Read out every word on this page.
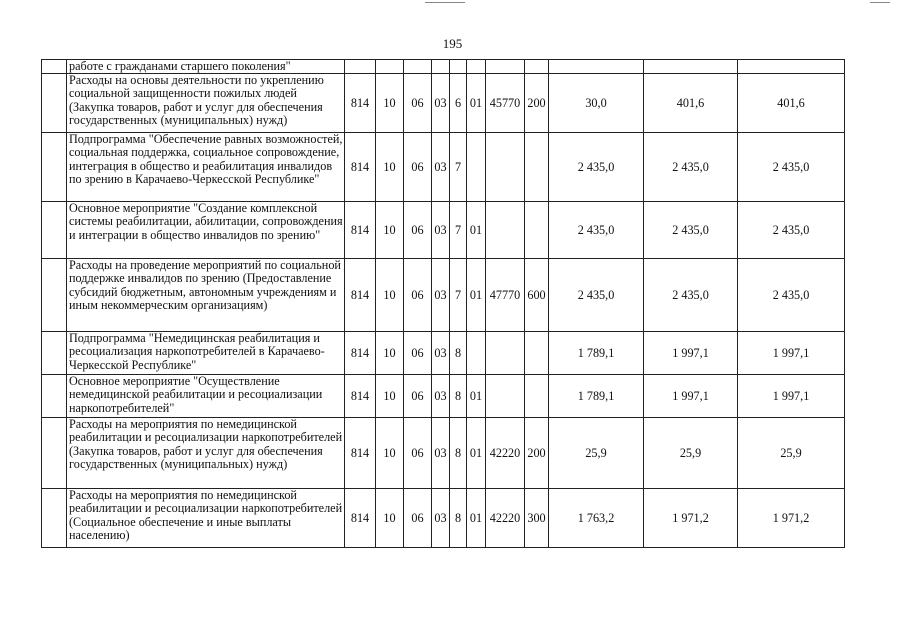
195
	работе с гражданами старшего поколения"											
	Расходы на основы деятельности по укреплению социальной защищенности пожилых людей (Закупка товаров, работ и услуг для обеспечения государственных (муниципальных) нужд)	814	10	06	03	6	01	45770	200	30,0	401,6	401,6
	Подпрограмма "Обеспечение равных возможностей, социальная поддержка, социальное сопровождение, интеграция в общество и реабилитация инвалидов по зрению в Карачаево-Черкесской Республике"	814	10	06	03	7				2 435,0	2 435,0	2 435,0
	Основное мероприятие "Создание комплексной системы реабилитации, абилитации, сопровождения и интеграции в общество инвалидов по зрению"	814	10	06	03	7	01			2 435,0	2 435,0	2 435,0
	Расходы на проведение мероприятий по социальной поддержке инвалидов по зрению (Предоставление субсидий бюджетным, автономным учреждениям и иным некоммерческим организациям)	814	10	06	03	7	01	47770	600	2 435,0	2 435,0	2 435,0
	Подпрограмма "Немедицинская реабилитация и ресоциализация наркопотребителей в Карачаево-Черкесской Республике"	814	10	06	03	8				1 789,1	1 997,1	1 997,1
	Основное мероприятие "Осуществление немедицинской реабилитации и ресоциализации наркопотребителей"	814	10	06	03	8	01			1 789,1	1 997,1	1 997,1
	Расходы на мероприятия по немедицинской реабилитации и ресоциализации наркопотребителей (Закупка товаров, работ и услуг для обеспечения государственных (муниципальных) нужд)	814	10	06	03	8	01	42220	200	25,9	25,9	25,9
	Расходы на мероприятия по немедицинской реабилитации и ресоциализации наркопотребителей (Социальное обеспечение и иные выплаты населению)	814	10	06	03	8	01	42220	300	1 763,2	1 971,2	1 971,2
